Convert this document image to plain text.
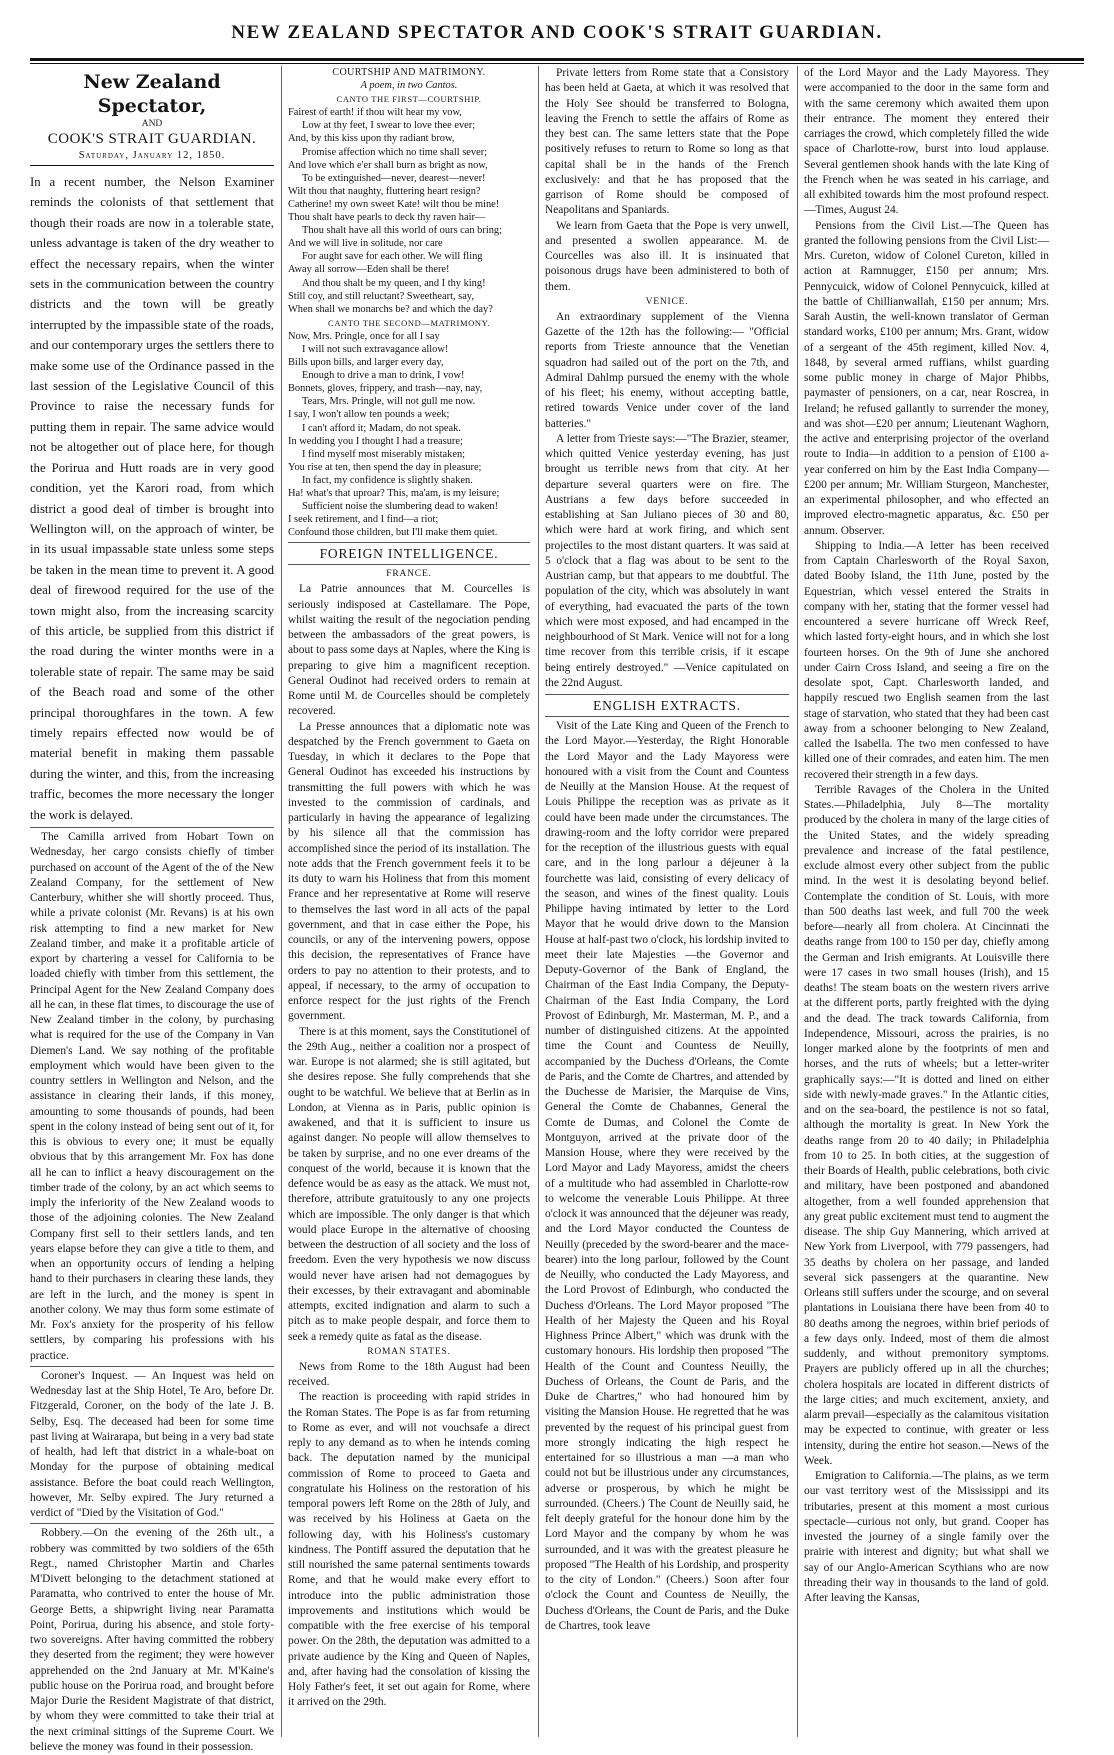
NEW ZEALAND SPECTATOR AND COOK'S STRAIT GUARDIAN.

New Zealand Spectator,

AND

COOK'S STRAIT GUARDIAN.

Saturday, January 12, 1850.

In a recent number, the Nelson Examiner reminds the colonists of that settlement that though their roads are now in a tolerable state, unless advantage is taken of the dry weather to effect the necessary repairs, when the winter sets in the communication between the country districts and the town will be greatly interrupted by the impassible state of the roads, and our contemporary urges the settlers there to make some use of the Ordinance passed in the last session of the Legislative Council of this Province to raise the necessary funds for putting them in repair. The same advice would not be altogether out of place here, for though the Porirua and Hutt roads are in very good condition, yet the Karori road, from which district a good deal of timber is brought into Wellington will, on the approach of winter, be in its usual impassable state unless some steps be taken in the mean time to prevent it. A good deal of firewood required for the use of the town might also, from the increasing scarcity of this article, be supplied from this district if the road during the winter months were in a tolerable state of repair. The same may be said of the Beach road and some of the other principal thoroughfares in the town. A few timely repairs effected now would be of material benefit in making them passable during the winter, and this, from the increasing traffic, becomes the more necessary the longer the work is delayed.

The Camilla arrived from Hobart Town on Wednesday, her cargo consists chiefly of timber purchased on account of the Agent of the of the New Zealand Company, for the settlement of New Canterbury, whither she will shortly proceed. Thus, while a private colonist (Mr. Revans) is at his own risk attempting to find a new market for New Zealand timber, and make it a profitable article of export by chartering a vessel for California to be loaded chiefly with timber from this settlement, the Principal Agent for the New Zealand Company does all he can, in these flat times, to discourage the use of New Zealand timber in the colony, by purchasing what is required for the use of the Company in Van Diemen's Land. We say nothing of the profitable employment which would have been given to the country settlers in Wellington and Nelson, and the assistance in clearing their lands, if this money, amounting to some thousands of pounds, had been spent in the colony instead of being sent out of it, for this is obvious to every one; it must be equally obvious that by this arrangement Mr. Fox has done all he can to inflict a heavy discouragement on the timber trade of the colony, by an act which seems to imply the inferiority of the New Zealand woods to those of the adjoining colonies. The New Zealand Company first sell to their settlers lands, and ten years elapse before they can give a title to them, and when an opportunity occurs of lending a helping hand to their purchasers in clearing these lands, they are left in the lurch, and the money is spent in another colony. We may thus form some estimate of Mr. Fox's anxiety for the prosperity of his fellow settlers, by comparing his professions with his practice.

Coroner's Inquest. — An Inquest was held on Wednesday last at the Ship Hotel, Te Aro, before Dr. Fitzgerald, Coroner, on the body of the late J. B. Selby, Esq. The deceased had been for some time past living at Wairarapa, but being in a very bad state of health, had left that district in a whale-boat on Monday for the purpose of obtaining medical assistance. Before the boat could reach Wellington, however, Mr. Selby expired. The Jury returned a verdict of "Died by the Visitation of God."

Robbery.—On the evening of the 26th ult., a robbery was committed by two soldiers of the 65th Regt., named Christopher Martin and Charles M'Divett belonging to the detachment stationed at Paramatta, who contrived to enter the house of Mr. George Betts, a shipwright living near Paramatta Point, Porirua, during his absence, and stole forty-two sovereigns. After having committed the robbery they deserted from the regiment; they were however apprehended on the 2nd January at Mr. M'Kaine's public house on the Porirua road, and brought before Major Durie the Resident Magistrate of that district, by whom they were committed to take their trial at the next criminal sittings of the Supreme Court. We believe the money was found in their possession.

COURTSHIP AND MATRIMONY.

A poem, in two Cantos.

CANTO THE FIRST—COURTSHIP.

Fairest of earth! if thou wilt hear my vow,
Low at thy feet, I swear to love thee ever;
And, by this kiss upon thy radiant brow,
Promise affection which no time shall sever;
And love which e'er shall burn as bright as now,
To be extinguished—never, dearest—never!
Wilt thou that naughty, fluttering heart resign?
Catherine! my own sweet Kate! wilt thou be mine!
Thou shalt have pearls to deck thy raven hair—
Thou shalt have all this world of ours can bring;
And we will live in solitude, nor care
For aught save for each other. We will fling
Away all sorrow—Eden shall be there!
And thou shalt be my queen, and I thy king!
Still coy, and still reluctant? Sweetheart, say,
When shall we monarchs be? and which the day?

CANTO THE SECOND—MATRIMONY.

Now, Mrs. Pringle, once for all I say
I will not such extravagance allow!
Bills upon bills, and larger every day,
Enough to drive a man to drink, I vow!
Bonnets, gloves, frippery, and trash—nay, nay,
Tears, Mrs. Pringle, will not gull me now.
I say, I won't allow ten pounds a week;
I can't afford it; Madam, do not speak.
In wedding you I thought I had a treasure;
I find myself most miserably mistaken;
You rise at ten, then spend the day in pleasure;
In fact, my confidence is slightly shaken.
Ha! what's that uproar? This, ma'am, is my leisure;
Sufficient noise the slumbering dead to waken!
I seek retirement, and I find—a riot;
Confound those children, but I'll make them quiet.

FOREIGN INTELLIGENCE.

FRANCE.

La Patrie announces that M. Courcelles is seriously indisposed at Castellamare. The Pope, whilst waiting the result of the negociation pending between the ambassadors of the great powers, is about to pass some days at Naples, where the King is preparing to give him a magnificent reception. General Oudinot had received orders to remain at Rome until M. de Courcelles should be completely recovered.

La Presse announces that a diplomatic note was despatched by the French government to Gaeta on Tuesday, in which it declares to the Pope that General Oudinot has exceeded his instructions by transmitting the full powers with which he was invested to the commission of cardinals, and particularly in having the appearance of legalizing by his silence all that the commission has accomplished since the period of its installation. The note adds that the French government feels it to be its duty to warn his Holiness that from this moment France and her representative at Rome will reserve to themselves the last word in all acts of the papal government, and that in case either the Pope, his councils, or any of the intervening powers, oppose this decision, the representatives of France have orders to pay no attention to their protests, and to appeal, if necessary, to the army of occupation to enforce respect for the just rights of the French government.

There is at this moment, says the Constitutionel of the 29th Aug., neither a coalition nor a prospect of war. Europe is not alarmed; she is still agitated, but she desires repose. She fully comprehends that she ought to be watchful. We believe that at Berlin as in London, at Vienna as in Paris, public opinion is awakened, and that it is sufficient to insure us against danger. No people will allow themselves to be taken by surprise, and no one ever dreams of the conquest of the world, because it is known that the defence would be as easy as the attack. We must not, therefore, attribute gratuitously to any one projects which are impossible. The only danger is that which would place Europe in the alternative of choosing between the destruction of all society and the loss of freedom. Even the very hypothesis we now discuss would never have arisen had not demagogues by their excesses, by their extravagant and abominable attempts, excited indignation and alarm to such a pitch as to make people despair, and force them to seek a remedy quite as fatal as the disease.

ROMAN STATES.

News from Rome to the 18th August had been received.

The reaction is proceeding with rapid strides in the Roman States. The Pope is as far from returning to Rome as ever, and will not vouchsafe a direct reply to any demand as to when he intends coming back. The deputation named by the municipal commission of Rome to proceed to Gaeta and congratulate his Holiness on the restoration of his temporal powers left Rome on the 28th of July, and was received by his Holiness at Gaeta on the following day, with his Holiness's customary kindness. The Pontiff assured the deputation that he still nourished the same paternal sentiments towards Rome, and that he would make every effort to introduce into the public administration those improvements and institutions which would be compatible with the free exercise of his temporal power. On the 28th, the deputation was admitted to a private audience by the King and Queen of Naples, and, after having had the consolation of kissing the Holy Father's feet, it set out again for Rome, where it arrived on the 29th.

Private letters from Rome state that a Consistory has been held at Gaeta, at which it was resolved that the Holy See should be transferred to Bologna, leaving the French to settle the affairs of Rome as they best can. The same letters state that the Pope positively refuses to return to Rome so long as that capital shall be in the hands of the French exclusively: and that he has proposed that the garrison of Rome should be composed of Neapolitans and Spaniards.

We learn from Gaeta that the Pope is very unwell, and presented a swollen appearance. M. de Courcelles was also ill. It is insinuated that poisonous drugs have been administered to both of them.

VENICE.

An extraordinary supplement of the Vienna Gazette of the 12th has the following:— "Official reports from Trieste announce that the Venetian squadron had sailed out of the port on the 7th, and Admiral Dahlmp pursued the enemy with the whole of his fleet; his enemy, without accepting battle, retired towards Venice under cover of the land batteries."

A letter from Trieste says:—"The Brazier, steamer, which quitted Venice yesterday evening, has just brought us terrible news from that city. At her departure several quarters were on fire. The Austrians a few days before succeeded in establishing at San Juliano pieces of 30 and 80, which were hard at work firing, and which sent projectiles to the most distant quarters. It was said at 5 o'clock that a flag was about to be sent to the Austrian camp, but that appears to me doubtful. The population of the city, which was absolutely in want of everything, had evacuated the parts of the town which were most exposed, and had encamped in the neighbourhood of St Mark. Venice will not for a long time recover from this terrible crisis, if it escape being entirely destroyed." —Venice capitulated on the 22nd August.

ENGLISH EXTRACTS.

Visit of the Late King and Queen of the French to the Lord Mayor.—Yesterday, the Right Honorable the Lord Mayor and the Lady Mayoress were honoured with a visit from the Count and Countess de Neuilly at the Mansion House. At the request of Louis Philippe the reception was as private as it could have been made under the circumstances. The drawing-room and the lofty corridor were prepared for the reception of the illustrious guests with equal care, and in the long parlour a déjeuner à la fourchette was laid, consisting of every delicacy of the season, and wines of the finest quality. Louis Philippe having intimated by letter to the Lord Mayor that he would drive down to the Mansion House at half-past two o'clock, his lordship invited to meet their late Majesties —the Governor and Deputy-Governor of the Bank of England, the Chairman of the East India Company, the Deputy-Chairman of the East India Company, the Lord Provost of Edinburgh, Mr. Masterman, M. P., and a number of distinguished citizens. At the appointed time the Count and Countess de Neuilly, accompanied by the Duchess d'Orleans, the Comte de Paris, and the Comte de Chartres, and attended by the Duchesse de Marisier, the Marquise de Vins, General the Comte de Chabannes, General the Comte de Dumas, and Colonel the Comte de Montguyon, arrived at the private door of the Mansion House, where they were received by the Lord Mayor and Lady Mayoress, amidst the cheers of a multitude who had assembled in Charlotte-row to welcome the venerable Louis Philippe. At three o'clock it was announced that the déjeuner was ready, and the Lord Mayor conducted the Countess de Neuilly (preceded by the sword-bearer and the mace-bearer) into the long parlour, followed by the Count de Neuilly, who conducted the Lady Mayoress, and the Lord Provost of Edinburgh, who conducted the Duchess d'Orleans. The Lord Mayor proposed "The Health of her Majesty the Queen and his Royal Highness Prince Albert," which was drunk with the customary honours. His lordship then proposed "The Health of the Count and Countess Neuilly, the Duchess of Orleans, the Count de Paris, and the Duke de Chartres," who had honoured him by visiting the Mansion House. He regretted that he was prevented by the request of his principal guest from more strongly indicating the high respect he entertained for so illustrious a man —a man who could not but be illustrious under any circumstances, adverse or prosperous, by which he might be surrounded. (Cheers.) The Count de Neuilly said, he felt deeply grateful for the honour done him by the Lord Mayor and the company by whom he was surrounded, and it was with the greatest pleasure he proposed "The Health of his Lordship, and prosperity to the city of London." (Cheers.) Soon after four o'clock the Count and Countess de Neuilly, the Duchess d'Orleans, the Count de Paris, and the Duke de Chartres, took leave

of the Lord Mayor and the Lady Mayoress. They were accompanied to the door in the same form and with the same ceremony which awaited them upon their entrance. The moment they entered their carriages the crowd, which completely filled the wide space of Charlotte-row, burst into loud applause. Several gentlemen shook hands with the late King of the French when he was seated in his carriage, and all exhibited towards him the most profound respect.—Times, August 24.

Pensions from the Civil List.—The Queen has granted the following pensions from the Civil List:—Mrs. Cureton, widow of Colonel Cureton, killed in action at Ramnugger, £150 per annum; Mrs. Pennycuick, widow of Colonel Pennycuick, killed at the battle of Chillianwallah, £150 per annum; Mrs. Sarah Austin, the well-known translator of German standard works, £100 per annum; Mrs. Grant, widow of a sergeant of the 45th regiment, killed Nov. 4, 1848, by several armed ruffians, whilst guarding some public money in charge of Major Phibbs, paymaster of pensioners, on a car, near Roscrea, in Ireland; he refused gallantly to surrender the money, and was shot—£20 per annum; Lieutenant Waghorn, the active and enterprising projector of the overland route to India—in addition to a pension of £100 a-year conferred on him by the East India Company—£200 per annum; Mr. William Sturgeon, Manchester, an experimental philosopher, and who effected an improved electro-magnetic apparatus, &c. £50 per annum. Observer.

Shipping to India.—A letter has been received from Captain Charlesworth of the Royal Saxon, dated Booby Island, the 11th June, posted by the Equestrian, which vessel entered the Straits in company with her, stating that the former vessel had encountered a severe hurricane off Wreck Reef, which lasted forty-eight hours, and in which she lost fourteen horses. On the 9th of June she anchored under Cairn Cross Island, and seeing a fire on the desolate spot, Capt. Charlesworth landed, and happily rescued two English seamen from the last stage of starvation, who stated that they had been cast away from a schooner belonging to New Zealand, called the Isabella. The two men confessed to have killed one of their comrades, and eaten him. The men recovered their strength in a few days.

Terrible Ravages of the Cholera in the United States.—Philadelphia, July 8—The mortality produced by the cholera in many of the large cities of the United States, and the widely spreading prevalence and increase of the fatal pestilence, exclude almost every other subject from the public mind. In the west it is desolating beyond belief. Contemplate the condition of St. Louis, with more than 500 deaths last week, and full 700 the week before—nearly all from cholera. At Cincinnati the deaths range from 100 to 150 per day, chiefly among the German and Irish emigrants. At Louisville there were 17 cases in two small houses (Irish), and 15 deaths! The steam boats on the western rivers arrive at the different ports, partly freighted with the dying and the dead. The track towards California, from Independence, Missouri, across the prairies, is no longer marked alone by the footprints of men and horses, and the ruts of wheels; but a letter-writer graphically says:—"It is dotted and lined on either side with newly-made graves." In the Atlantic cities, and on the sea-board, the pestilence is not so fatal, although the mortality is great. In New York the deaths range from 20 to 40 daily; in Philadelphia from 10 to 25. In both cities, at the suggestion of their Boards of Health, public celebrations, both civic and military, have been postponed and abandoned altogether, from a well founded apprehension that any great public excitement must tend to augment the disease. The ship Guy Mannering, which arrived at New York from Liverpool, with 779 passengers, had 35 deaths by cholera on her passage, and landed several sick passengers at the quarantine. New Orleans still suffers under the scourge, and on several plantations in Louisiana there have been from 40 to 80 deaths among the negroes, within brief periods of a few days only. Indeed, most of them die almost suddenly, and without premonitory symptoms. Prayers are publicly offered up in all the churches; cholera hospitals are located in different districts of the large cities; and much excitement, anxiety, and alarm prevail—especially as the calamitous visitation may be expected to continue, with greater or less intensity, during the entire hot season.—News of the Week.

Emigration to California.—The plains, as we term our vast territory west of the Mississippi and its tributaries, present at this moment a most curious spectacle—curious not only, but grand. Cooper has invested the journey of a single family over the prairie with interest and dignity; but what shall we say of our Anglo-American Scythians who are now threading their way in thousands to the land of gold. After leaving the Kansas,
